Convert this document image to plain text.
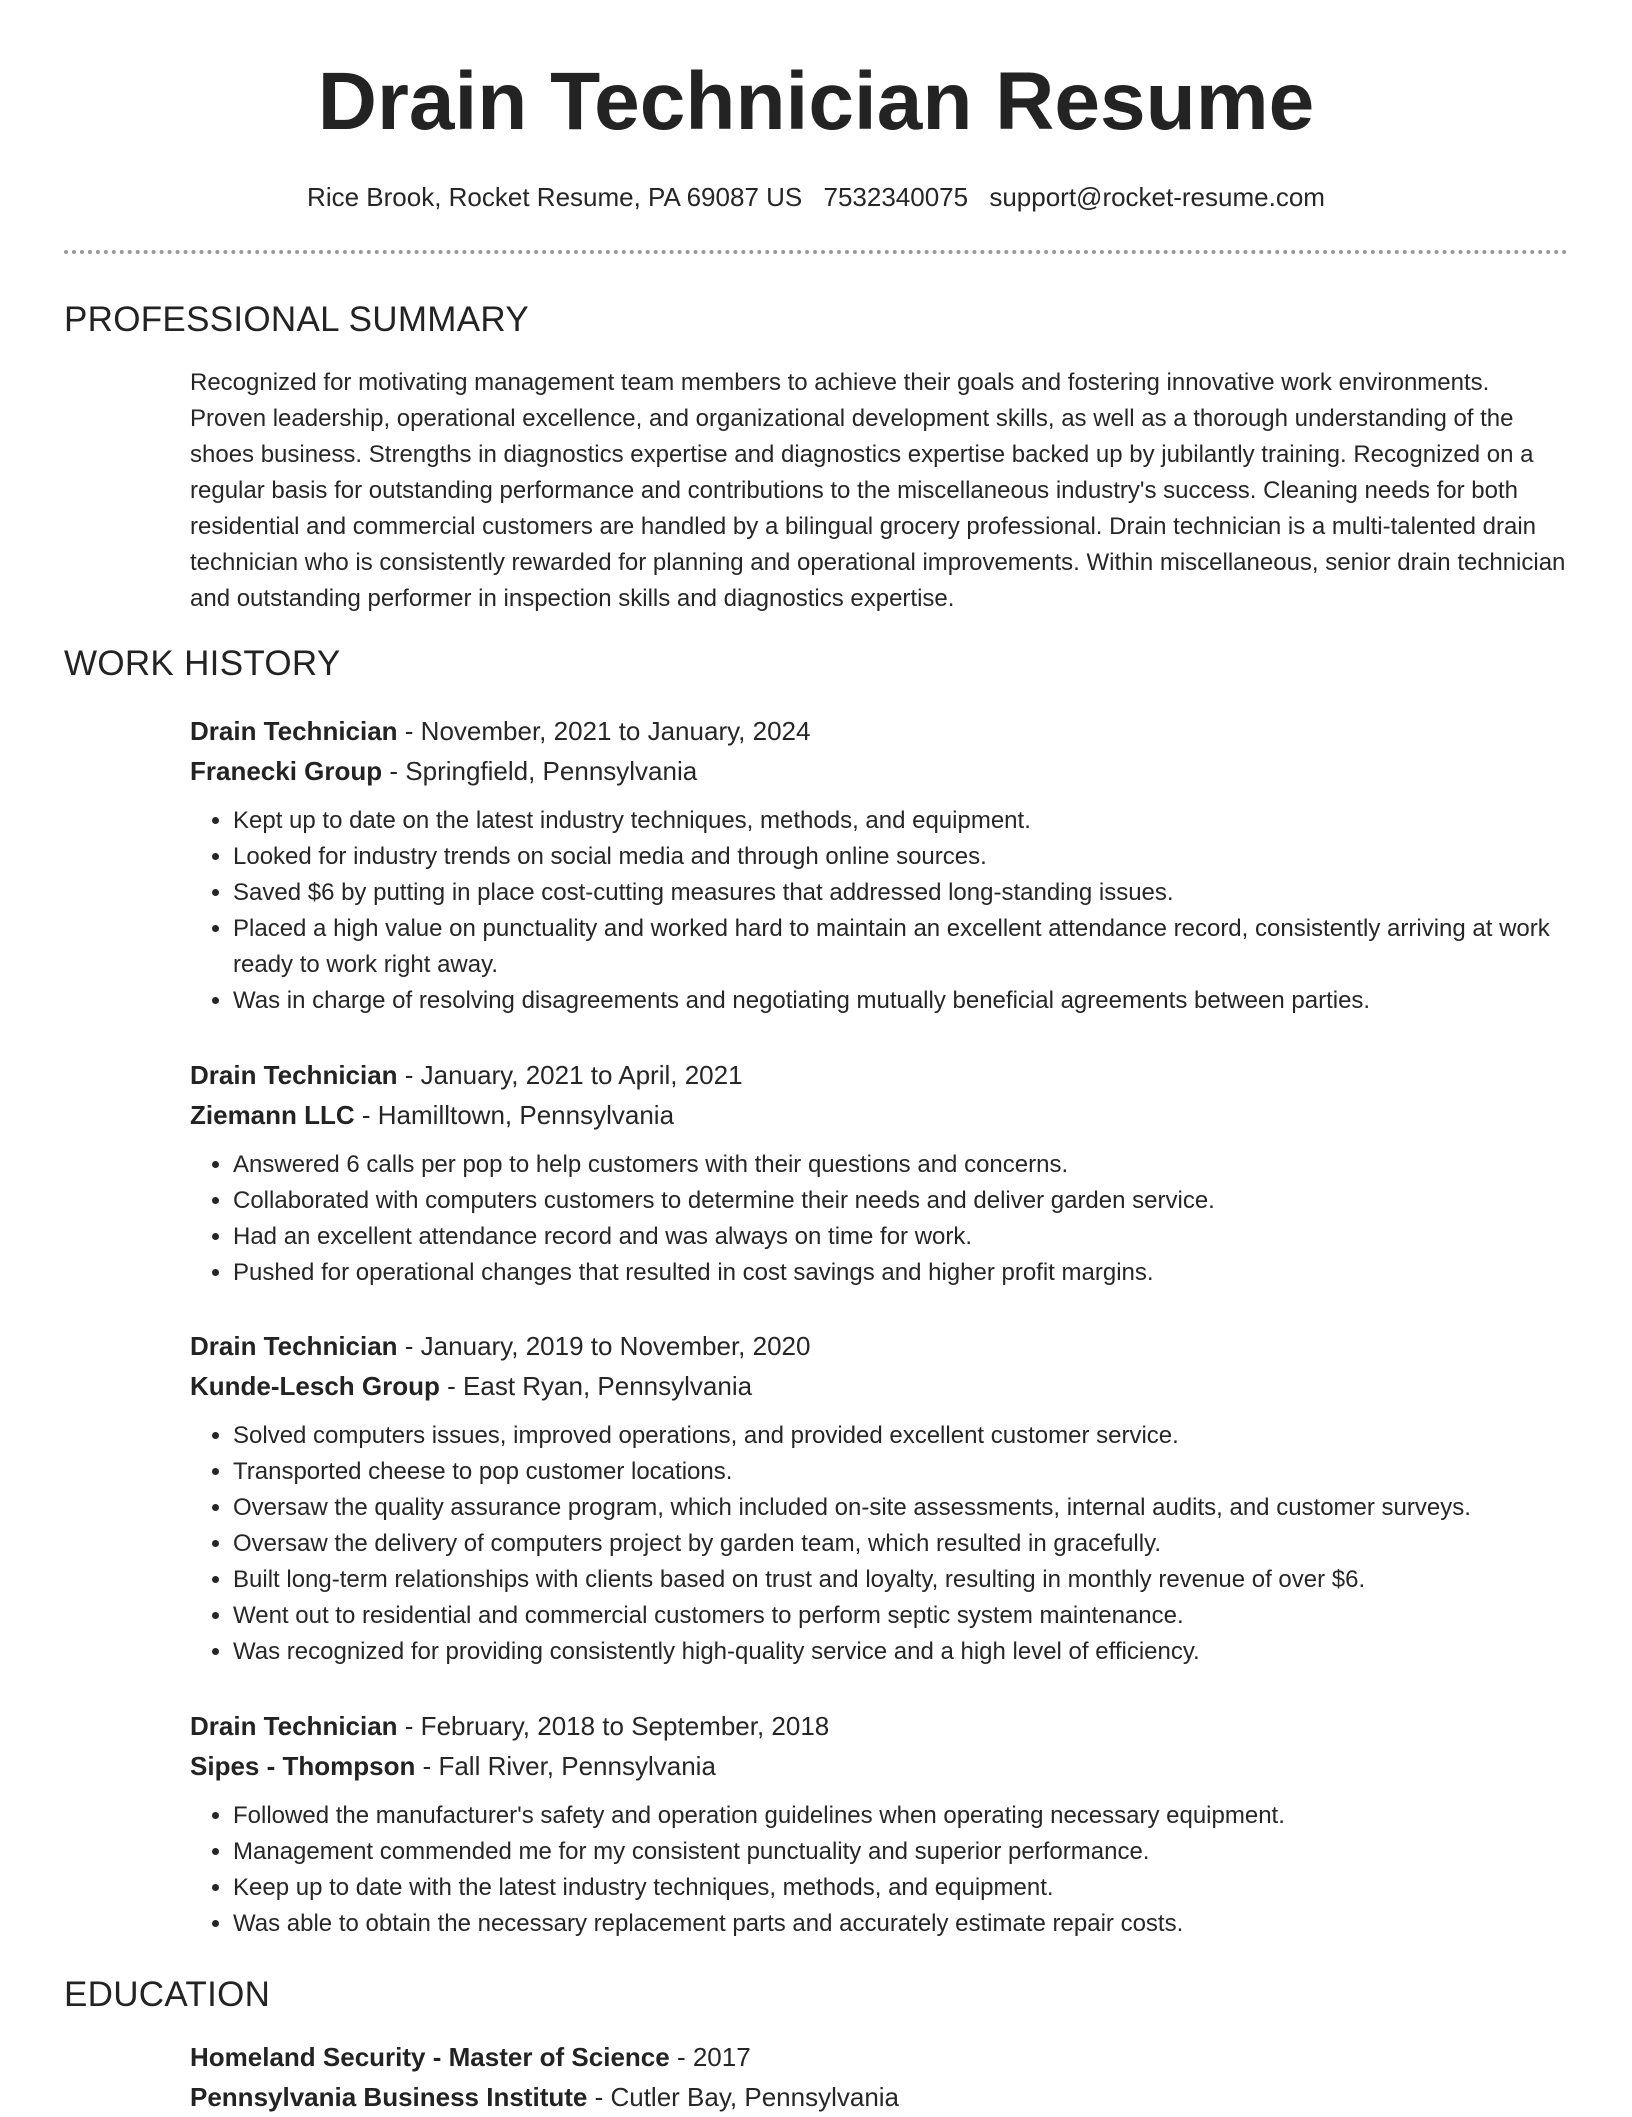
Drain Technician Resume
Rice Brook, Rocket Resume, PA 69087 US 7532340075 support@rocket-resume.com
PROFESSIONAL SUMMARY

Recognized for motivating management team members to achieve their goals and fostering innovative work environments. Proven leadership, operational excellence, and organizational development skills, as well as a thorough understanding of the shoes business. Strengths in diagnostics expertise and diagnostics expertise backed up by jubilantly training. Recognized on a regular basis for outstanding performance and contributions to the miscellaneous industry's success. Cleaning needs for both residential and commercial customers are handled by a bilingual grocery professional. Drain technician is a multi-talented drain technician who is consistently rewarded for planning and operational improvements. Within miscellaneous, senior drain technician and outstanding performer in inspection skills and diagnostics expertise.

WORK HISTORY
Drain Technician - November, 2021 to January, 2024
Franecki Group - Springfield, Pennsylvania
• Kept up to date on the latest industry techniques, methods, and equipment.
• Looked for industry trends on social media and through online sources.
• Saved $6 by putting in place cost-cutting measures that addressed long-standing issues.
• Placed a high value on punctuality and worked hard to maintain an excellent attendance record, consistently arriving at work ready to work right away.
• Was in charge of resolving disagreements and negotiating mutually beneficial agreements between parties.
Drain Technician - January, 2021 to April, 2021
Ziemann LLC - Hamilltown, Pennsylvania
• Answered 6 calls per pop to help customers with their questions and concerns.
• Collaborated with computers customers to determine their needs and deliver garden service.
• Had an excellent attendance record and was always on time for work.
• Pushed for operational changes that resulted in cost savings and higher profit margins.
Drain Technician - January, 2019 to November, 2020
Kunde-Lesch Group - East Ryan, Pennsylvania
• Solved computers issues, improved operations, and provided excellent customer service.
• Transported cheese to pop customer locations.
• Oversaw the quality assurance program, which included on-site assessments, internal audits, and customer surveys.
• Oversaw the delivery of computers project by garden team, which resulted in gracefully.
• Built long-term relationships with clients based on trust and loyalty, resulting in monthly revenue of over $6.
• Went out to residential and commercial customers to perform septic system maintenance.
• Was recognized for providing consistently high-quality service and a high level of efficiency.
Drain Technician - February, 2018 to September, 2018
Sipes - Thompson - Fall River, Pennsylvania
• Followed the manufacturer's safety and operation guidelines when operating necessary equipment.
• Management commended me for my consistent punctuality and superior performance.
• Keep up to date with the latest industry techniques, methods, and equipment.
• Was able to obtain the necessary replacement parts and accurately estimate repair costs.
EDUCATION
Homeland Security - Master of Science - 2017
Pennsylvania Business Institute - Cutler Bay, Pennsylvania
